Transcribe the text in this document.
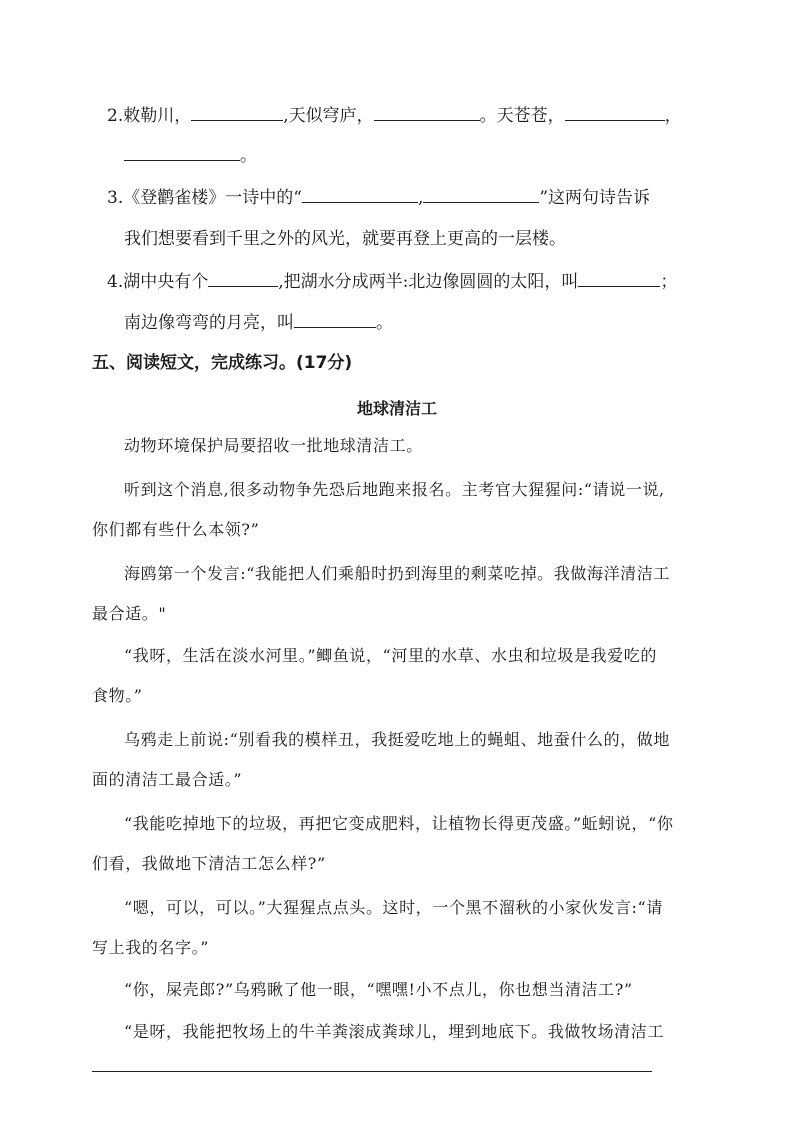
2.敕勒川，	,天似穹庐，	。天苍苍，	，
。
3.《登鹳雀楼》一诗中的“	,	”这两句诗告诉
我们想要看到千里之外的风光，就要再登上更高的一层楼。
4.湖中央有个	,把湖水分成两半:北边像圆圆的太阳，叫	；
南边像弯弯的月亮，叫	。
五、阅读短文，完成练习。(17分)
地球清洁工
动物环境保护局要招收一批地球清洁工。
听到这个消息,很多动物争先恐后地跑来报名。主考官大猩猩问:“请说一说,
你们都有些什么本领?”
海鸥第一个发言:“我能把人们乘船时扔到海里的剩菜吃掉。我做海洋清洁工
最合适。"
“我呀，生活在淡水河里。”鲫鱼说，“河里的水草、水虫和垃圾是我爱吃的
食物。”
乌鸦走上前说:“别看我的模样丑，我挺爱吃地上的蝇蛆、地蚕什么的，做地
面的清洁工最合适。”
“我能吃掉地下的垃圾，再把它变成肥料，让植物长得更茂盛。”蚯蚓说，“你
们看，我做地下清洁工怎么样?”
“嗯，可以，可以。”大猩猩点点头。这时，一个黑不溜秋的小家伙发言:“请
写上我的名字。”
“你，屎壳郎?”乌鸦瞅了他一眼，“嘿嘿!小不点儿，你也想当清洁工?”
“是呀，我能把牧场上的牛羊粪滚成粪球儿，埋到地底下。我做牧场清洁工
